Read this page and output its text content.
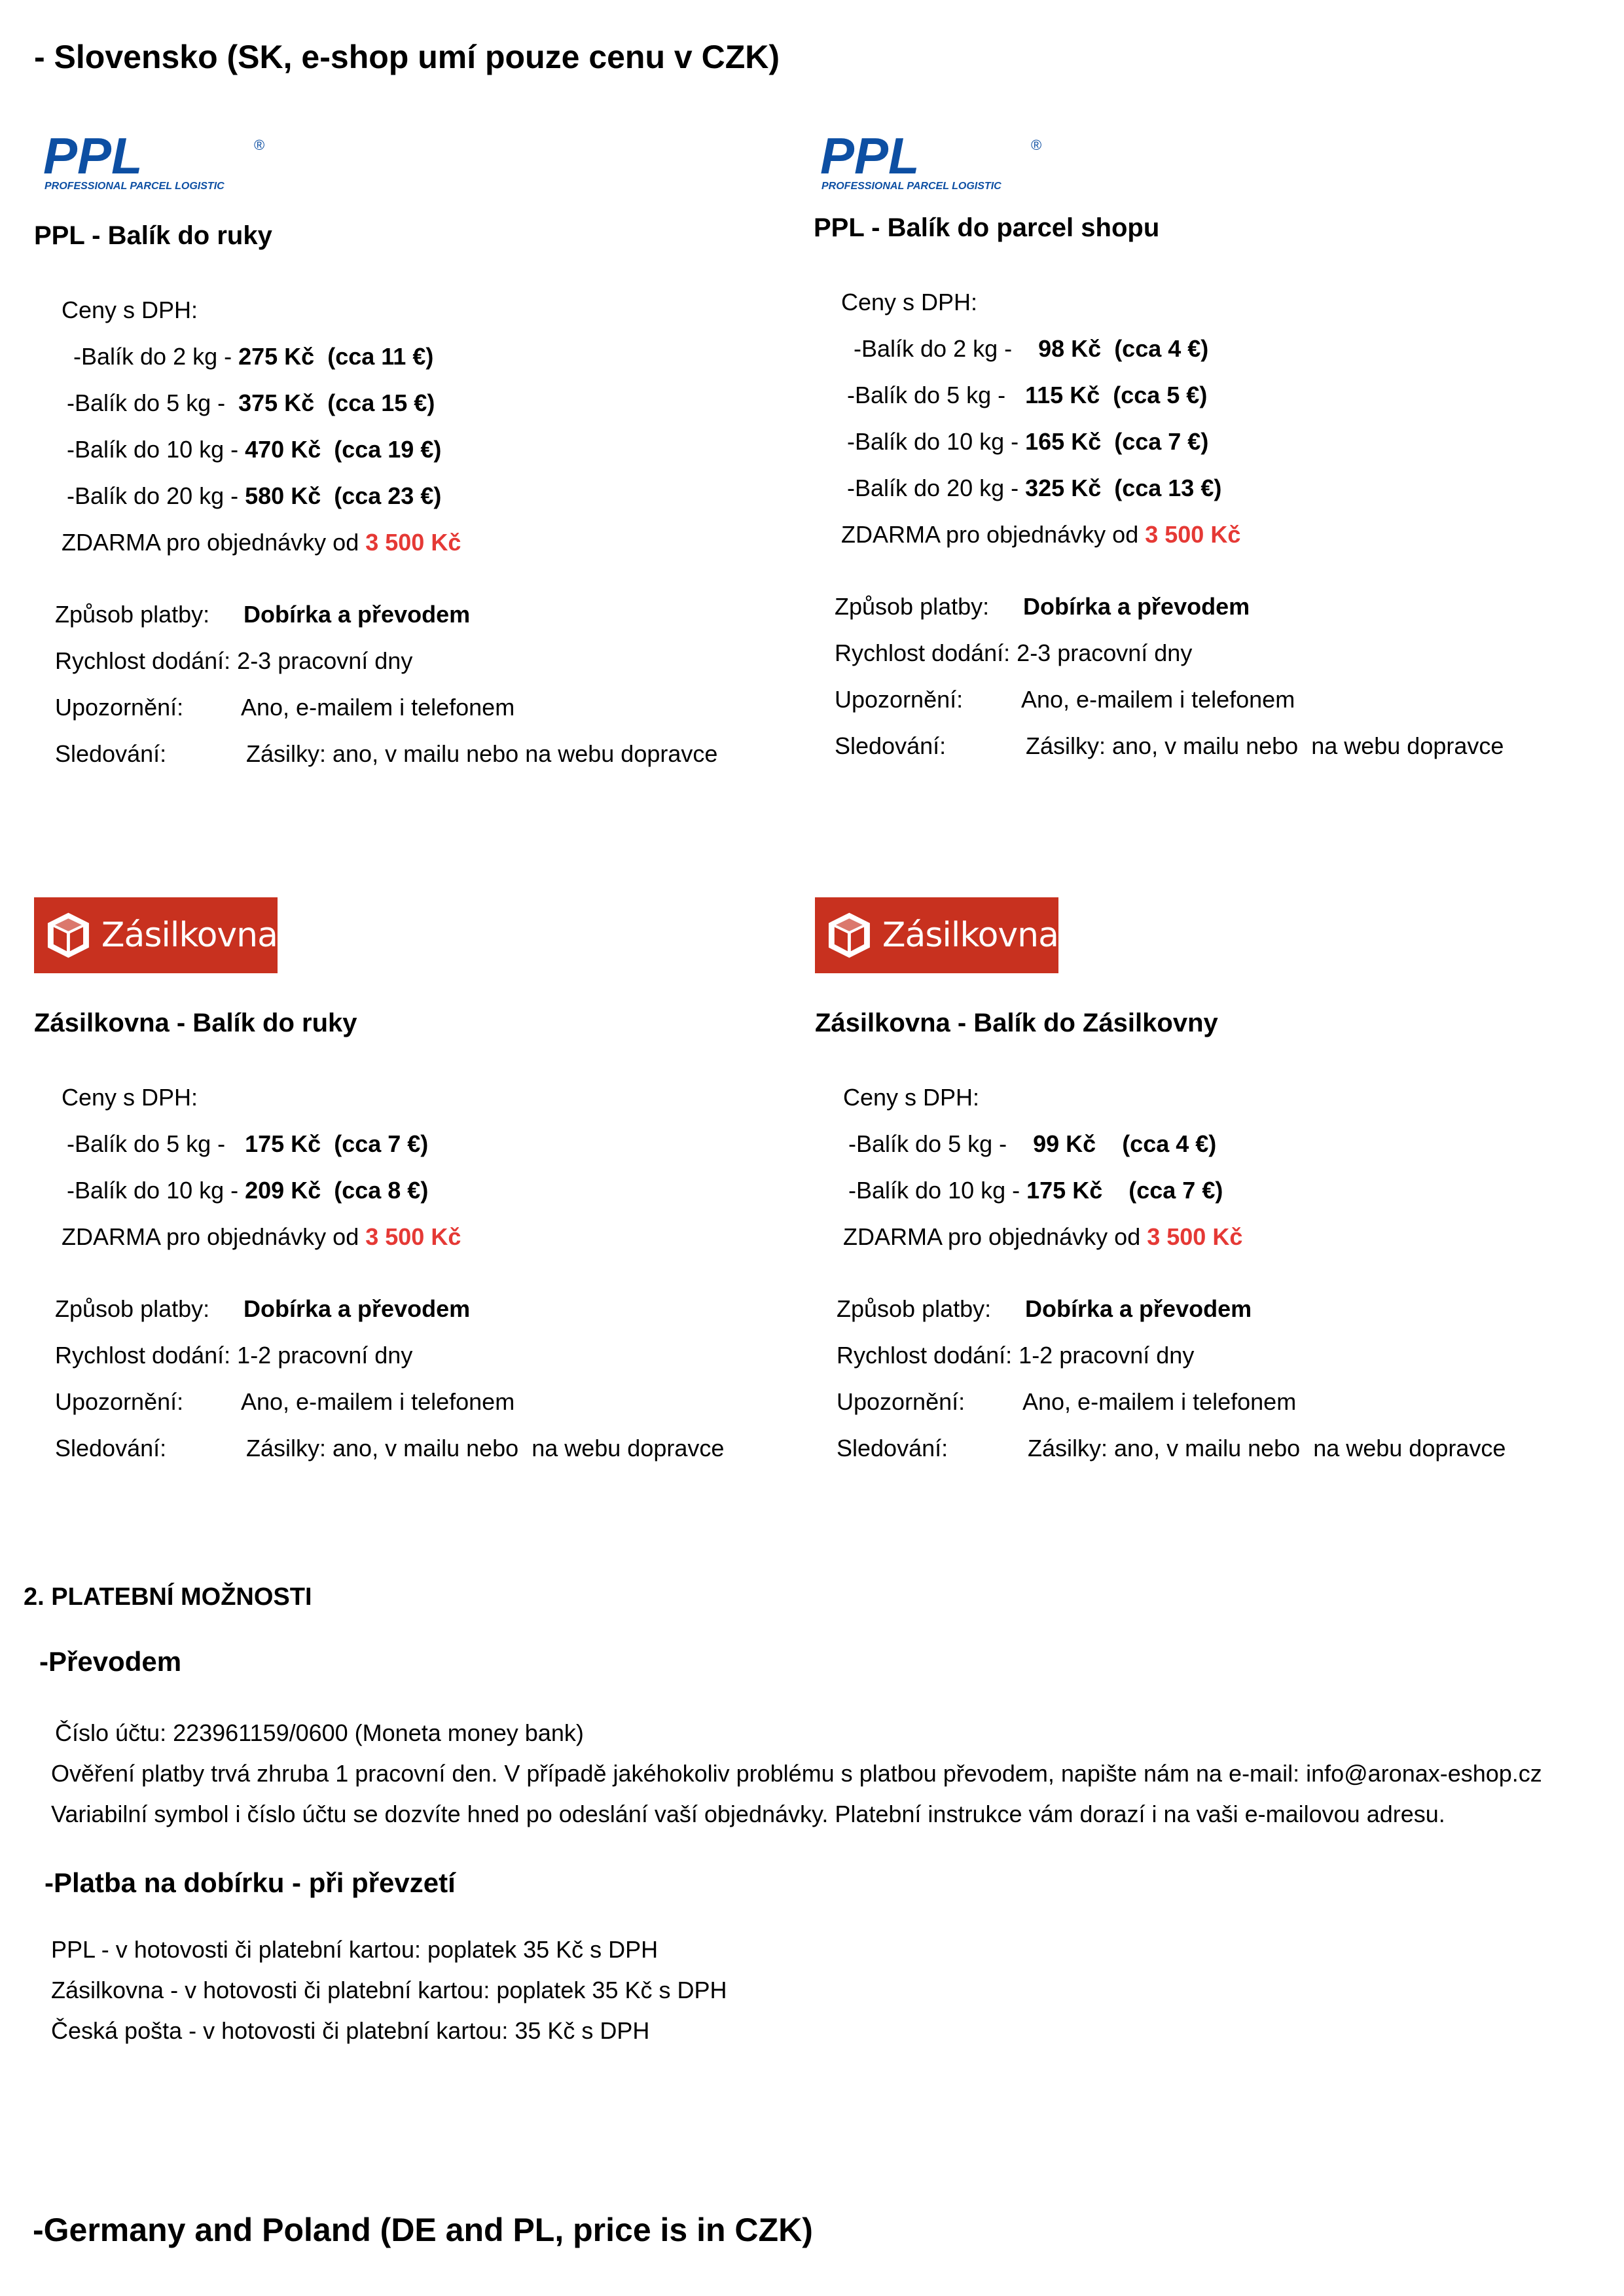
- Slovensko (SK, e-shop umí pouze cenu v CZK)
PPL	®
PROFESSIONAL PARCEL LOGISTIC
PPL	®
PROFESSIONAL PARCEL LOGISTIC
PPL - Balík do ruky
Ceny s DPH:
-Balík do 2 kg - 275 Kč  (cca 11 €)
-Balík do 5 kg -  375 Kč  (cca 15 €)
-Balík do 10 kg - 470 Kč  (cca 19 €)
-Balík do 20 kg - 580 Kč  (cca 23 €)
ZDARMA pro objednávky od 3 500 Kč
Způsob platby: Dobírka a převodem
Rychlost dodání: 2-3 pracovní dny
Upozornění: Ano, e-mailem i telefonem
Sledování:	Zásilky: ano, v mailu nebo na webu dopravce
PPL - Balík do parcel shopu
Ceny s DPH:
-Balík do 2 kg -    98 Kč  (cca 4 €)
-Balík do 5 kg -   115 Kč  (cca 5 €)
-Balík do 10 kg - 165 Kč  (cca 7 €)
-Balík do 20 kg - 325 Kč  (cca 13 €)
ZDARMA pro objednávky od 3 500 Kč
Způsob platby: Dobírka a převodem
Rychlost dodání: 2-3 pracovní dny
Upozornění: Ano, e-mailem i telefonem
Sledování:	Zásilky: ano, v mailu nebo  na webu dopravce
Zásilkovna	Zásilkovna
Zásilkovna - Balík do ruky
Ceny s DPH:
-Balík do 5 kg -   175 Kč  (cca 7 €)
-Balík do 10 kg - 209 Kč  (cca 8 €)
ZDARMA pro objednávky od 3 500 Kč
Způsob platby: Dobírka a převodem
Rychlost dodání: 1-2 pracovní dny
Upozornění: Ano, e-mailem i telefonem
Sledování:	Zásilky: ano, v mailu nebo  na webu dopravce
Zásilkovna - Balík do Zásilkovny
Ceny s DPH:
-Balík do 5 kg -    99 Kč    (cca 4 €)
-Balík do 10 kg - 175 Kč    (cca 7 €)
ZDARMA pro objednávky od 3 500 Kč
Způsob platby: Dobírka a převodem
Rychlost dodání: 1-2 pracovní dny
Upozornění: Ano, e-mailem i telefonem
Sledování:	Zásilky: ano, v mailu nebo  na webu dopravce
2. PLATEBNÍ MOŽNOSTI
-Převodem
Číslo účtu: 223961159/0600 (Moneta money bank)
Ověření platby trvá zhruba 1 pracovní den. V případě jakéhokoliv problému s platbou převodem, napište nám na e-mail: info@aronax-eshop.cz
Variabilní symbol i číslo účtu se dozvíte hned po odeslání vaší objednávky. Platební instrukce vám dorazí i na vaši e-mailovou adresu.
-Platba na dobírku - při převzetí
PPL - v hotovosti či platební kartou: poplatek 35 Kč s DPH
Zásilkovna - v hotovosti či platební kartou: poplatek 35 Kč s DPH
Česká pošta - v hotovosti či platební kartou: 35 Kč s DPH
-Germany and Poland (DE and PL, price is in CZK)
